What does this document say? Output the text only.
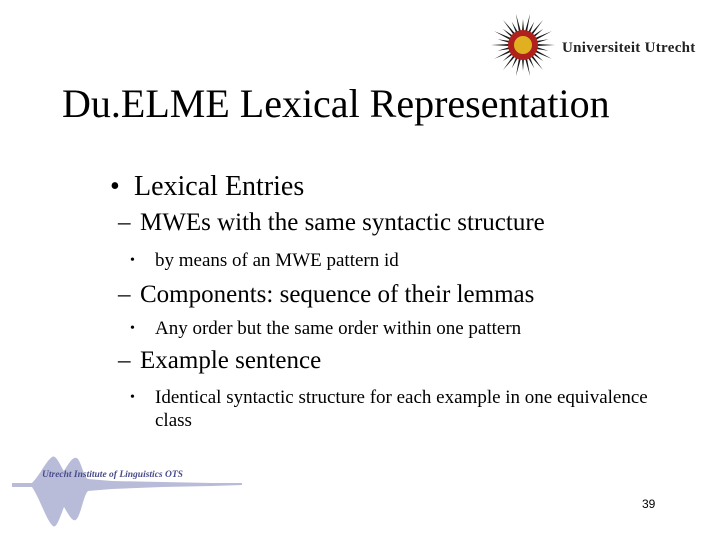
Universiteit Utrecht
Du.ELME Lexical Representation
• Lexical Entries
– MWEs with the same syntactic structure
• by means of an MWE pattern id
– Components: sequence of their lemmas
• Any order but the same order within one pattern
– Example sentence
• Identical syntactic structure for each example in one equivalence class
Utrecht Institute of Linguistics OTS
39
